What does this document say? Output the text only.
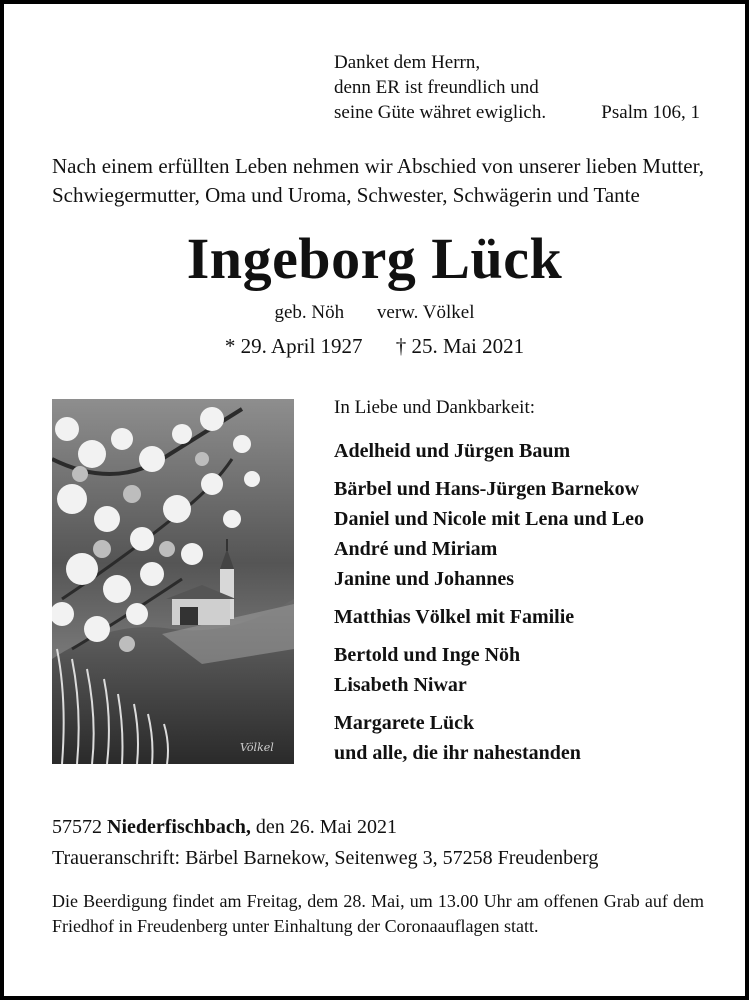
Danket dem Herrn,
denn ER ist freundlich und
seine Güte währet ewiglich.	Psalm 106, 1
Nach einem erfüllten Leben nehmen wir Abschied von unserer lieben Mutter, Schwiegermutter, Oma und Uroma, Schwester, Schwägerin und Tante
Ingeborg Lück
geb. Nöh verw. Völkel
* 29. April 1927 † 25. Mai 2021
Völkel
In Liebe und Dankbarkeit:
Adelheid und Jürgen Baum
Bärbel und Hans-Jürgen Barnekow
Daniel und Nicole mit Lena und Leo
André und Miriam
Janine und Johannes
Matthias Völkel mit Familie
Bertold und Inge Nöh
Lisabeth Niwar
Margarete Lück
und alle, die ihr nahestanden
57572 Niederfischbach, den 26. Mai 2021
Traueranschrift: Bärbel Barnekow, Seitenweg 3, 57258 Freudenberg
Die Beerdigung findet am Freitag, dem 28. Mai, um 13.00 Uhr am offenen Grab auf dem Friedhof in Freudenberg unter Einhaltung der Coronaauflagen statt.
